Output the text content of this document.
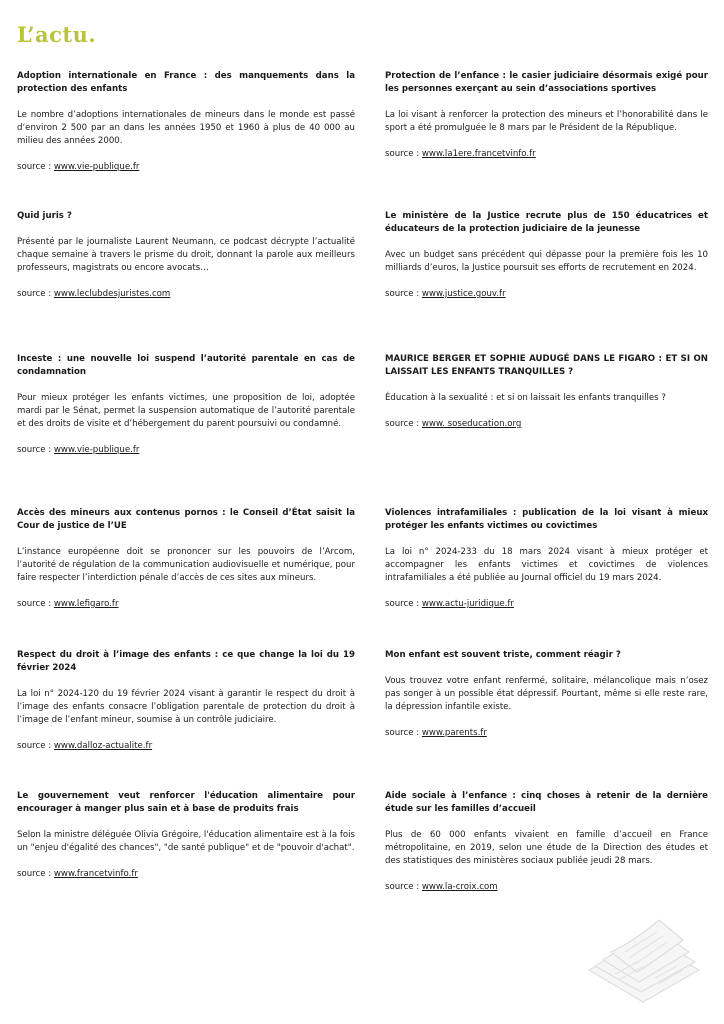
L’actu.

Adoption internationale en France : des manquements dans la protection des enfants

Le nombre d’adoptions internationales de mineurs dans le monde est passé d’environ 2 500 par an dans les années 1950 et 1960 à plus de 40 000 au milieu des années 2000.

source : www.vie-publique.fr

Quid juris ?

Présenté par le journaliste Laurent Neumann, ce podcast décrypte l’actualité chaque semaine à travers le prisme du droit, donnant la parole aux meilleurs professeurs, magistrats ou encore avocats…

source : www.leclubdesjuristes.com

Inceste : une nouvelle loi suspend l’autorité parentale en cas de condamnation

Pour mieux protéger les enfants victimes, une proposition de loi, adoptée mardi par le Sénat, permet la suspension automatique de l’autorité parentale et des droits de visite et d’hébergement du parent poursuivi ou condamné.

source : www.vie-publique.fr

Accès des mineurs aux contenus pornos : le Conseil d’État saisit la Cour de justice de l’UE

L’instance européenne doit se prononcer sur les pouvoirs de l’Arcom, l’autorité de régulation de la communication audiovisuelle et numérique, pour faire respecter l’interdiction pénale d’accès de ces sites aux mineurs.

source : www.lefigaro.fr

Respect du droit à l’image des enfants : ce que change la loi du 19 février 2024

La loi n° 2024-120 du 19 février 2024 visant à garantir le respect du droit à l’image des enfants consacre l’obligation parentale de protection du droit à l’image de l’enfant mineur, soumise à un contrôle judiciaire.

source : www.dalloz-actualite.fr

Le gouvernement veut renforcer l'éducation alimentaire pour encourager à manger plus sain et à base de produits frais

Selon la ministre déléguée Olivia Grégoire, l'éducation alimentaire est à la fois un "enjeu d'égalité des chances", "de santé publique" et de "pouvoir d'achat".

source : www.francetvinfo.fr

Protection de l’enfance : le casier judiciaire désormais exigé pour les personnes exerçant au sein d’associations sportives

La loi visant à renforcer la protection des mineurs et l’honorabilité dans le sport a été promulguée le 8 mars par le Président de la République.

source : www.la1ere.francetvinfo.fr

Le ministère de la Justice recrute plus de 150 éducatrices et éducateurs de la protection judiciaire de la jeunesse

Avec un budget sans précédent qui dépasse pour la première fois les 10 milliards d’euros, la Justice poursuit ses efforts de recrutement en 2024.

source : www.justice.gouv.fr

MAURICE BERGER ET SOPHIE AUDUGÉ DANS LE FIGARO : ET SI ON LAISSAIT LES ENFANTS TRANQUILLES ?

Éducation à la sexualité : et si on laissait les enfants tranquilles ?

source : www. soseducation.org

Violences intrafamiliales : publication de la loi visant à mieux protéger les enfants victimes ou covictimes

La loi n° 2024-233 du 18 mars 2024 visant à mieux protéger et accompagner les enfants victimes et covictimes de violences intrafamiliales a été publiée au Journal officiel du 19 mars 2024.

source : www.actu-juridique.fr

Mon enfant est souvent triste, comment réagir ?

Vous trouvez votre enfant renfermé, solitaire, mélancolique mais n’osez pas songer à un possible état dépressif. Pourtant, même si elle reste rare, la dépression infantile existe.

source : www.parents.fr

Aide sociale à l’enfance : cinq choses à retenir de la dernière étude sur les familles d’accueil

Plus de 60 000 enfants vivaient en famille d’accueil en France métropolitaine, en 2019, selon une étude de la Direction des études et des statistiques des ministères sociaux publiée jeudi 28 mars.

source : www.la-croix.com
